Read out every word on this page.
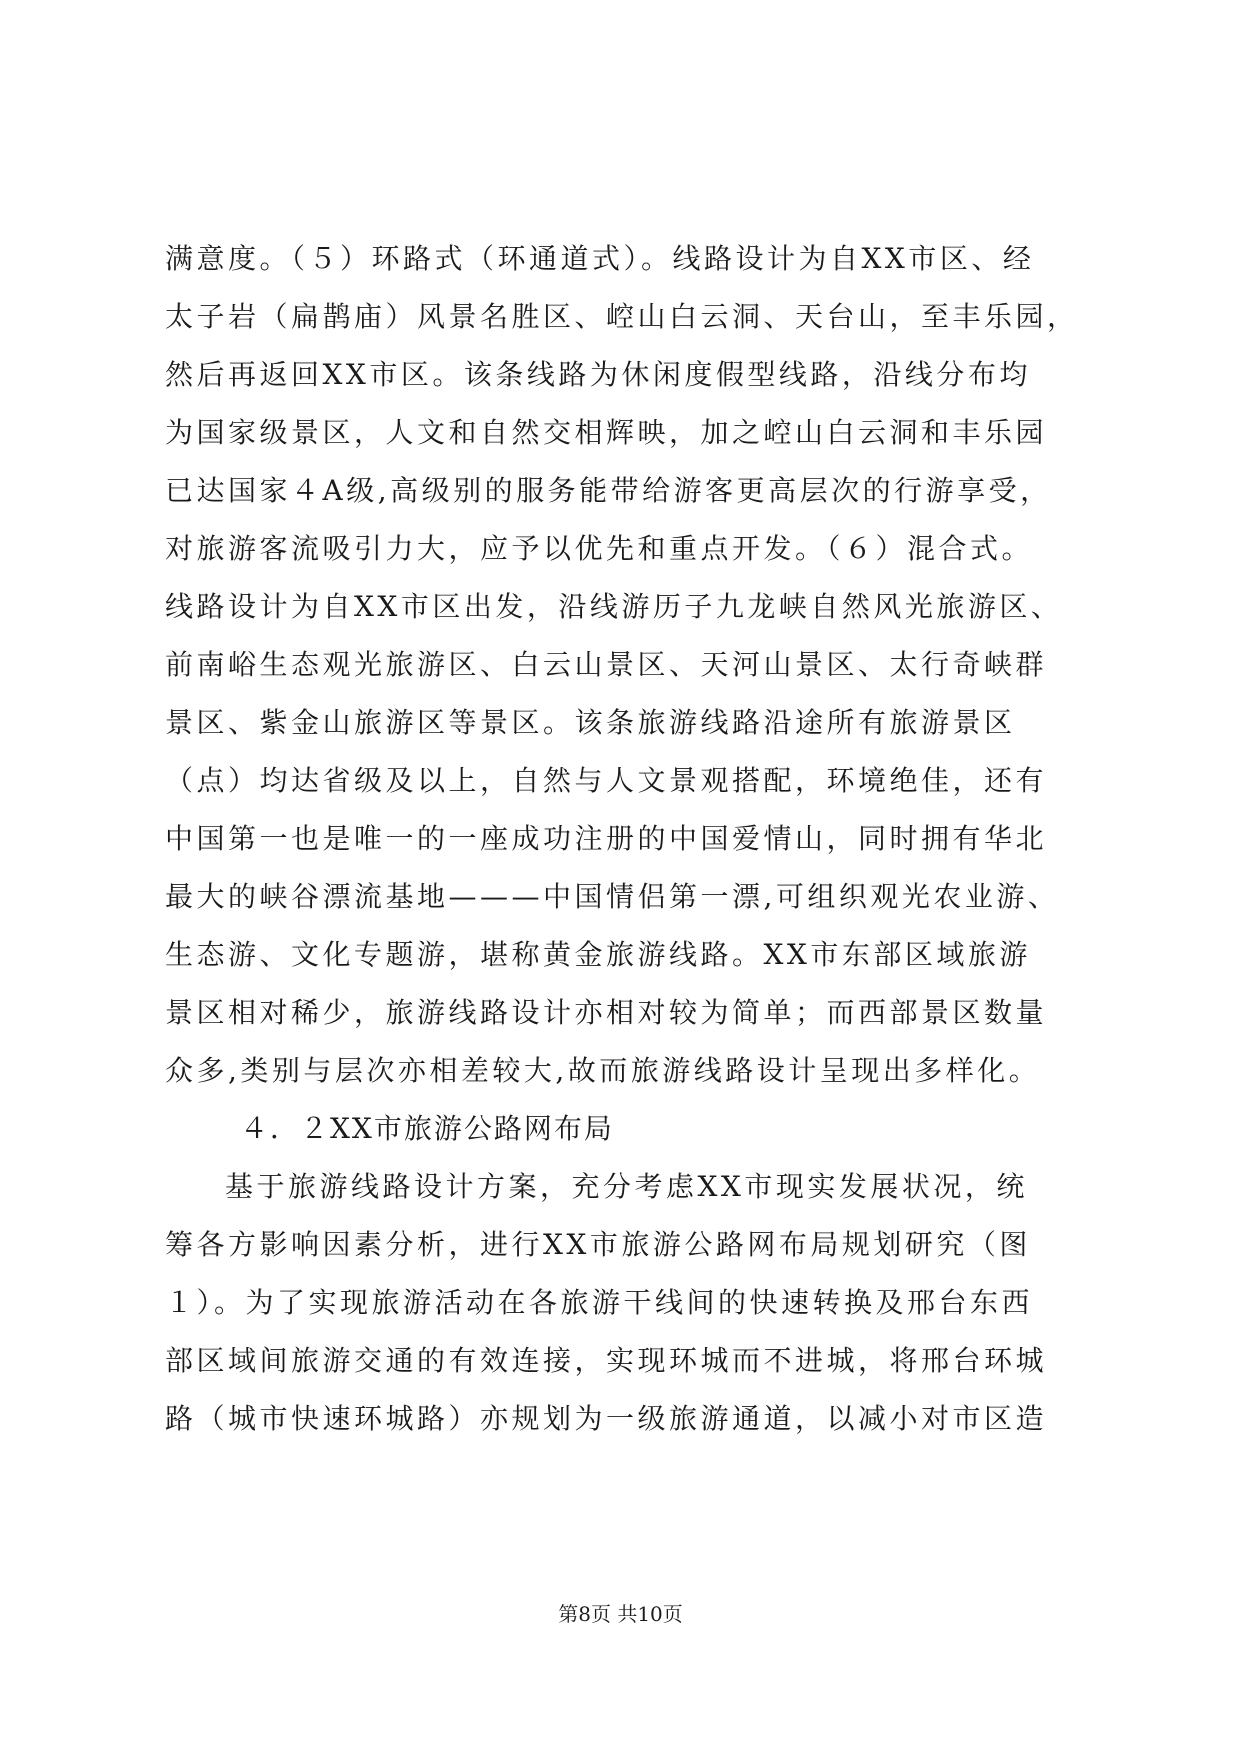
满意度。（５）环路式（环通道式）。线路设计为自XX市区、经
太子岩（扁鹊庙）风景名胜区、崆山白云洞、天台山，至丰乐园，
然后再返回XX市区。该条线路为休闲度假型线路，沿线分布均
为国家级景区，人文和自然交相辉映，加之崆山白云洞和丰乐园
已达国家４A级,高级别的服务能带给游客更高层次的行游享受，
对旅游客流吸引力大，应予以优先和重点开发。（６）混合式。
线路设计为自XX市区出发，沿线游历子九龙峡自然风光旅游区、
前南峪生态观光旅游区、白云山景区、天河山景区、太行奇峡群
景区、紫金山旅游区等景区。该条旅游线路沿途所有旅游景区
（点）均达省级及以上，自然与人文景观搭配，环境绝佳，还有
中国第一也是唯一的一座成功注册的中国爱情山，同时拥有华北
最大的峡谷漂流基地———中国情侣第一漂,可组织观光农业游、
生态游、文化专题游，堪称黄金旅游线路。XX市东部区域旅游
景区相对稀少，旅游线路设计亦相对较为简单；而西部景区数量
众多,类别与层次亦相差较大,故而旅游线路设计呈现出多样化。
４．２XX市旅游公路网布局
基于旅游线路设计方案，充分考虑XX市现实发展状况，统
筹各方影响因素分析，进行XX市旅游公路网布局规划研究（图
１）。为了实现旅游活动在各旅游干线间的快速转换及邢台东西
部区域间旅游交通的有效连接，实现环城而不进城，将邢台环城
路（城市快速环城路）亦规划为一级旅游通道，以减小对市区造
第8页 共10页
